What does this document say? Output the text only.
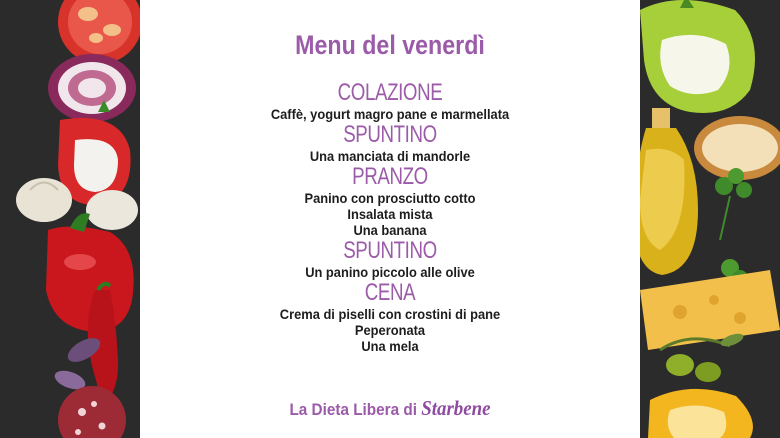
Menu del venerdì
COLAZIONE
Caffè, yogurt magro pane e marmellata
SPUNTINO
Una manciata di mandorle
PRANZO
Panino con prosciutto cotto
Insalata mista
Una banana
SPUNTINO
Un panino piccolo alle olive
CENA
Crema di piselli con crostini di pane
Peperonata
Una mela
La Dieta Libera di Starbene
